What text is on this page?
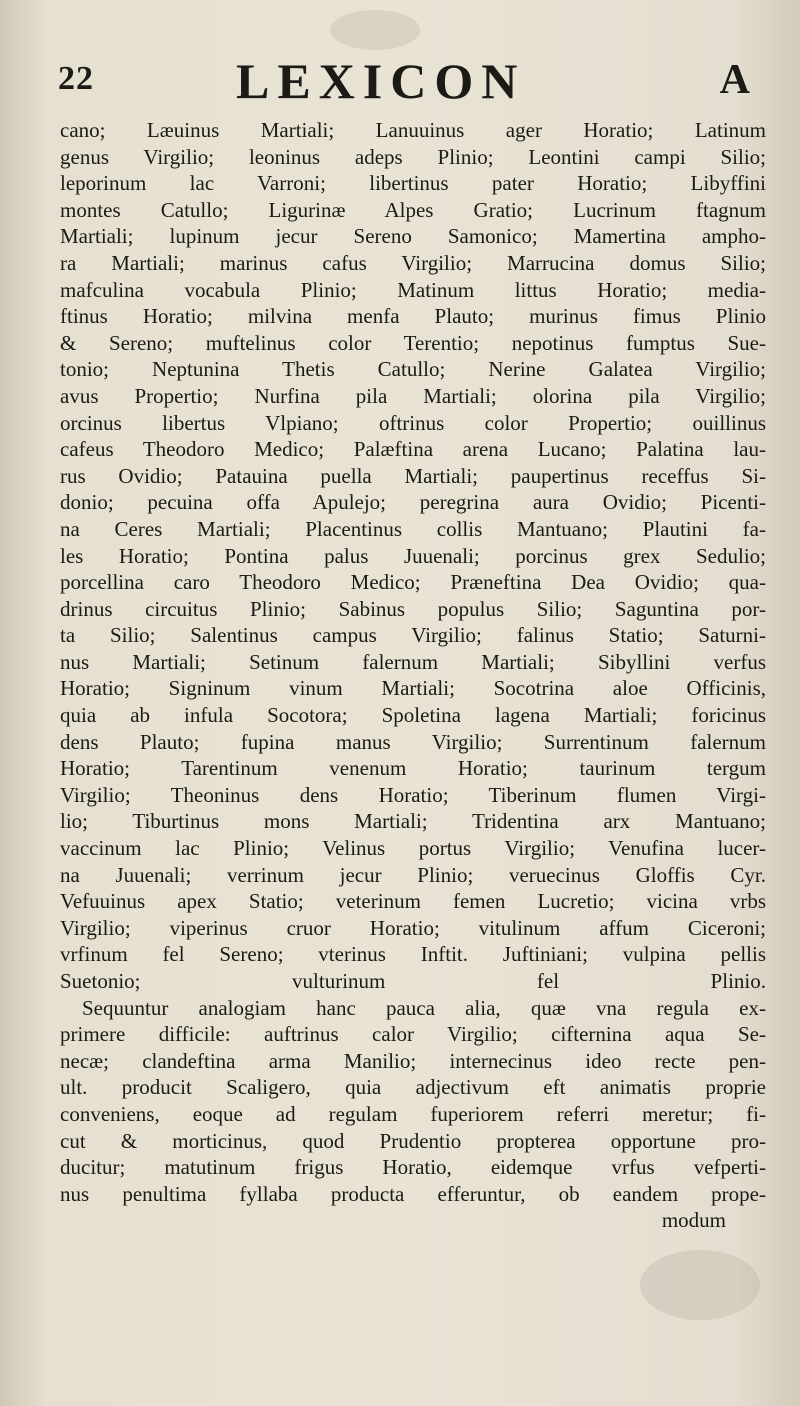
22	LEXICON	A
cano; Læuinus Martiali; Lanuuinus ager Horatio; Latinum
genus Virgilio; leoninus adeps Plinio; Leontini campi Silio;
leporinum lac Varroni; libertinus pater Horatio; Libyffini
montes Catullo; Ligurinæ Alpes Gratio; Lucrinum ftagnum
Martiali; lupinum jecur Sereno Samonico; Mamertina ampho-
ra Martiali; marinus cafus Virgilio; Marrucina domus Silio;
mafculina vocabula Plinio; Matinum littus Horatio; media-
ftinus Horatio; milvina menfa Plauto; murinus fimus Plinio
& Sereno; muftelinus color Terentio; nepotinus fumptus Sue-
tonio; Neptunina Thetis Catullo; Nerine Galatea Virgilio;
avus Propertio; Nurfina pila Martiali; olorina pila Virgilio;
orcinus libertus Vlpiano; oftrinus color Propertio; ouillinus
cafeus Theodoro Medico; Palæftina arena Lucano; Palatina lau-
rus Ovidio; Patauina puella Martiali; paupertinus receffus Si-
donio; pecuina offa Apulejo; peregrina aura Ovidio; Picenti-
na Ceres Martiali; Placentinus collis Mantuano; Plautini fa-
les Horatio; Pontina palus Juuenali; porcinus grex Sedulio;
porcellina caro Theodoro Medico; Præneftina Dea Ovidio; qua-
drinus circuitus Plinio; Sabinus populus Silio; Saguntina por-
ta Silio; Salentinus campus Virgilio; falinus Statio; Saturni-
nus Martiali; Setinum falernum Martiali; Sibyllini verfus
Horatio; Signinum vinum Martiali; Socotrina aloe Officinis,
quia ab infula Socotora; Spoletina lagena Martiali; foricinus
dens Plauto; fupina manus Virgilio; Surrentinum falernum
Horatio; Tarentinum venenum Horatio; taurinum tergum
Virgilio; Theoninus dens Horatio; Tiberinum flumen Virgi-
lio; Tiburtinus mons Martiali; Tridentina arx Mantuano;
vaccinum lac Plinio; Velinus portus Virgilio; Venufina lucer-
na Juuenali; verrinum jecur Plinio; veruecinus Gloffis Cyr.
Vefuuinus apex Statio; veterinum femen Lucretio; vicina vrbs
Virgilio; viperinus cruor Horatio; vitulinum affum Ciceroni;
vrfinum fel Sereno; vterinus Inftit. Juftiniani; vulpina pellis
Suetonio; vulturinum fel Plinio.
Sequuntur analogiam hanc pauca alia, quæ vna regula ex-
primere difficile: auftrinus calor Virgilio; cifternina aqua Se-
necæ; clandeftina arma Manilio; internecinus ideo recte pen-
ult. producit Scaligero, quia adjectivum eft animatis proprie
conveniens, eoque ad regulam fuperiorem referri meretur; fi-
cut & morticinus, quod Prudentio propterea opportune pro-
ducitur; matutinum frigus Horatio, eidemque vrfus vefperti-
nus penultima fyllaba producta efferuntur, ob eandem prope-
modum
